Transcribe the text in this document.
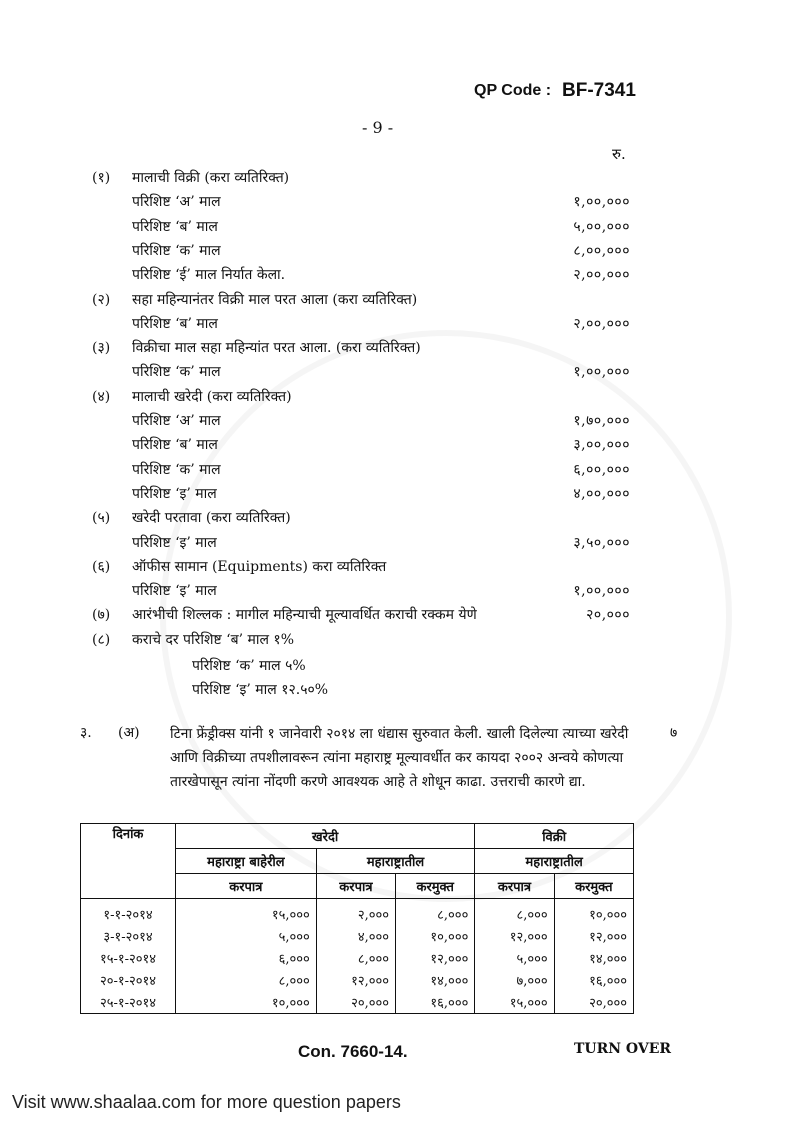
QP Code : BF-7341
- 9 -
रु.
(१) मालाची विक्री (करा व्यतिरिक्त)
परिशिष्ट ‘अ’ माल	१,००,०००
परिशिष्ट ‘ब’ माल	५,००,०००
परिशिष्ट ‘क’ माल	८,००,०००
परिशिष्ट ‘ई’ माल निर्यात केला.	२,००,०००
(२) सहा महिन्यानंतर विक्री माल परत आला (करा व्यतिरिक्त)
परिशिष्ट ‘ब’ माल	२,००,०००
(३) विक्रीचा माल सहा महिन्यांत परत आला. (करा व्यतिरिक्त)
परिशिष्ट ‘क’ माल	१,००,०००
(४) मालाची खरेदी (करा व्यतिरिक्त)
परिशिष्ट ‘अ’ माल	१,७०,०००
परिशिष्ट ‘ब’ माल	३,००,०००
परिशिष्ट ‘क’ माल	६,००,०००
परिशिष्ट ‘इ’ माल	४,००,०००
(५) खरेदी परतावा (करा व्यतिरिक्त)
परिशिष्ट ‘इ’ माल	३,५०,०००
(६) ऑफीस सामान (Equipments) करा व्यतिरिक्त
परिशिष्ट ‘इ’ माल	१,००,०००
(७) आरंभीची शिल्लक : मागील महिन्याची मूल्यावर्धित कराची रक्कम येणे	२०,०००
(८) कराचे दर परिशिष्ट ‘ब’ माल १%
परिशिष्ट ‘क’ माल ५%
परिशिष्ट ‘इ’ माल १२.५०%
३. (अ)	७
टिना फ्रेंड्रीक्स यांनी १ जानेवारी २०१४ ला धंद्यास सुरुवात केली. खाली दिलेल्या त्याच्या खरेदी आणि विक्रीच्या तपशीलावरून त्यांना महाराष्ट्र मूल्यावर्धीत कर कायदा २००२ अन्वये कोणत्या तारखेपासून त्यांना नोंदणी करणे आवश्यक आहे ते शोधून काढा. उत्तराची कारणे द्या.
दिनांक	खरेदी			विक्री	
	महाराष्ट्रा बाहेरील	महाराष्ट्रातील		महाराष्ट्रातील	
	करपात्र	करपात्र	करमुक्त	करपात्र	करमुक्त
१-१-२०१४	१५,०००	२,०००	८,०००	८,०००	१०,०००
३-१-२०१४	५,०००	४,०००	१०,०००	१२,०००	१२,०००
१५-१-२०१४	६,०००	८,०००	१२,०००	५,०००	१४,०००
२०-१-२०१४	८,०००	१२,०००	१४,०००	७,०००	१६,०००
२५-१-२०१४	१०,०००	२०,०००	१६,०००	१५,०००	२०,०००
Con. 7660-14.	TURN OVER
Visit www.shaalaa.com for more question papers
